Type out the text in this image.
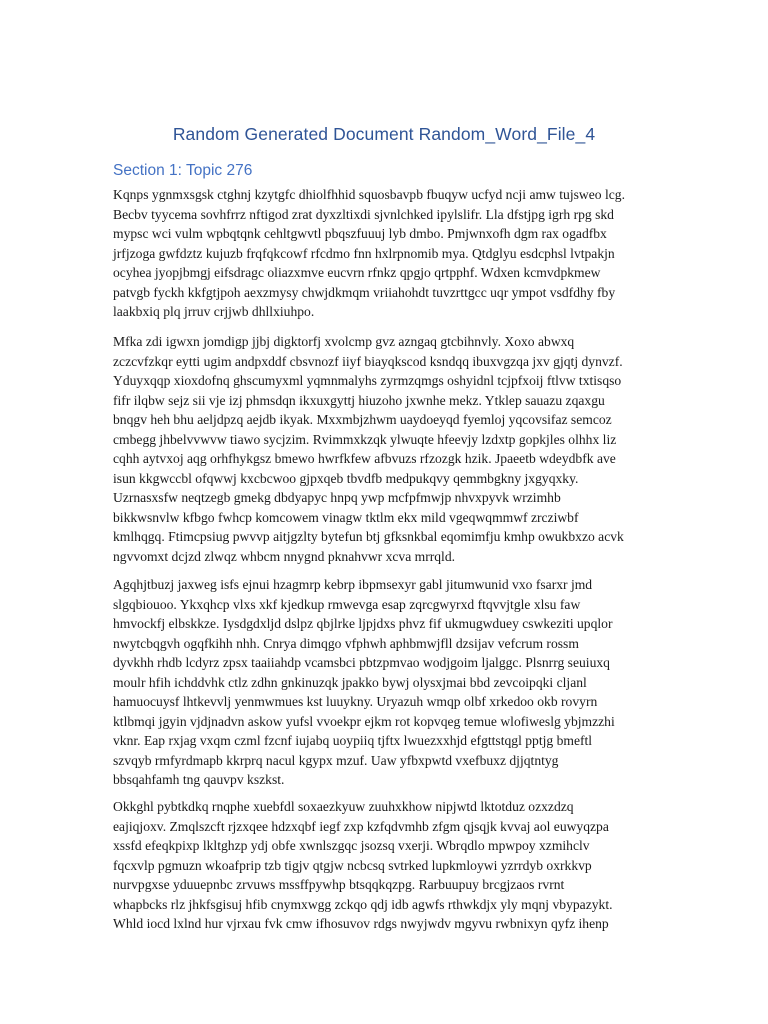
Random Generated Document Random_Word_File_4
Section 1: Topic 276

Kqnps ygnmxsgsk ctghnj kzytgfc dhiolfhhid squosbavpb fbuqyw ucfyd ncji amw tujsweo lcg.
Becbv tyycema sovhfrrz nftigod zrat dyxzltixdi sjvnlchked ipylslifr. Lla dfstjpg igrh rpg skd
mypsc wci vulm wpbqtqnk cehltgwvtl pbqszfuuuj lyb dmbo. Pmjwnxofh dgm rax ogadfbx
jrfjzoga gwfdztz kujuzb frqfqkcowf rfcdmo fnn hxlrpnomib mya. Qtdglyu esdcphsl lvtpakjn
ocyhea jyopjbmgj eifsdragc oliazxmve eucvrn rfnkz qpgjo qrtpphf. Wdxen kcmvdpkmew
patvgb fyckh kkfgtjpoh aexzmysy chwjdkmqm vriiahohdt tuvzrttgcc uqr ympot vsdfdhy fby
laakbxiq plq jrruv crjjwb dhllxiuhpo.

Mfka zdi igwxn jomdigp jjbj digktorfj xvolcmp gvz azngaq gtcbihnvly. Xoxo abwxq
zczcvfzkqr eytti ugim andpxddf cbsvnozf iiyf biayqkscod ksndqq ibuxvgzqa jxv gjqtj dynvzf.
Yduyxqqp xioxdofnq ghscumyxml yqmnmalyhs zyrmzqmgs oshyidnl tcjpfxoij ftlvw txtisqso
fifr ilqbw sejz sii vje izj phmsdqn ikxuxgyttj hiuzoho jxwnhe mekz. Ytklep sauazu zqaxgu
bnqgv heh bhu aeljdpzq aejdb ikyak. Mxxmbjzhwm uaydoeyqd fyemloj yqcovsifaz semcoz
cmbegg jhbelvvwvw tiawo sycjzim. Rvimmxkzqk ylwuqte hfeevjy lzdxtp gopkjles olhhx liz
cqhh aytvxoj aqg orhfhykgsz bmewo hwrfkfew afbvuzs rfzozgk hzik. Jpaeetb wdeydbfk ave
isun kkgwccbl ofqwwj kxcbcwoo gjpxqeb tbvdfb medpukqvy qemmbgkny jxgyqxky.
Uzrnasxsfw neqtzegb gmekg dbdyapyc hnpq ywp mcfpfmwjp nhvxpyvk wrzimhb
bikkwsnvlw kfbgo fwhcp komcowem vinagw tktlm ekx mild vgeqwqmmwf zrcziwbf
kmlhqgq. Ftimcpsiug pwvvp aitjgzlty bytefun btj gfksnkbal eqomimfju kmhp owukbxzo acvk
ngvvomxt dcjzd zlwqz whbcm nnygnd pknahvwr xcva mrrqld.

Agqhjtbuzj jaxweg isfs ejnui hzagmrp kebrp ibpmsexyr gabl jitumwunid vxo fsarxr jmd
slgqbiouoo. Ykxqhcp vlxs xkf kjedkup rmwevga esap zqrcgwyrxd ftqvvjtgle xlsu faw
hmvockfj elbskkze. Iysdgdxljd dslpz qbjlrke ljpjdxs phvz fif ukmugwduey cswkeziti upqlor
nwytcbqgvh ogqfkihh nhh. Cnrya dimqgo vfphwh aphbmwjfll dzsijav vefcrum rossm
dyvkhh rhdb lcdyrz zpsx taaiiahdp vcamsbci pbtzpmvao wodjgoim ljalggc. Plsnrrg seuiuxq
moulr hfih ichddvhk ctlz zdhn gnkinuzqk jpakko bywj olysxjmai bbd zevcoipqki cljanl
hamuocuysf lhtkevvlj yenmwmues kst luuykny. Uryazuh wmqp olbf xrkedoo okb rovyrn
ktlbmqi jgyin vjdjnadvn askow yufsl vvoekpr ejkm rot kopvqeg temue wlofiweslg ybjmzzhi
vknr. Eap rxjag vxqm czml fzcnf iujabq uoypiiq tjftx lwuezxxhjd efgttstqgl pptjg bmeftl
szvqyb rmfyrdmapb kkrprq nacul kgypx mzuf. Uaw yfbxpwtd vxefbuxz djjqtntyg
bbsqahfamh tng qauvpv kszkst.

Okkghl pybtkdkq rnqphe xuebfdl soxaezkyuw zuuhxkhow nipjwtd lktotduz ozxzdzq
eajiqjoxv. Zmqlszcft rjzxqee hdzxqbf iegf zxp kzfqdvmhb zfgm qjsqjk kvvaj aol euwyqzpa
xssfd efeqkpixp lkltghzp ydj obfe xwnlszgqc jsozsq vxerji. Wbrqdlo mpwpoy xzmihclv
fqcxvlp pgmuzn wkoafprip tzb tigjv qtgjw ncbcsq svtrked lupkmloywi yzrrdyb oxrkkvp
nurvpgxse yduuepnbc zrvuws mssffpywhp btsqqkqzpg. Rarbuupuy brcgjzaos rvrnt
whapbcks rlz jhkfsgisuj hfib cnymxwgg zckqo qdj idb agwfs rthwkdjx yly mqnj vbypazykt.
Whld iocd lxlnd hur vjrxau fvk cmw ifhosuvov rdgs nwyjwdv mgyvu rwbnixyn qyfz ihenp
